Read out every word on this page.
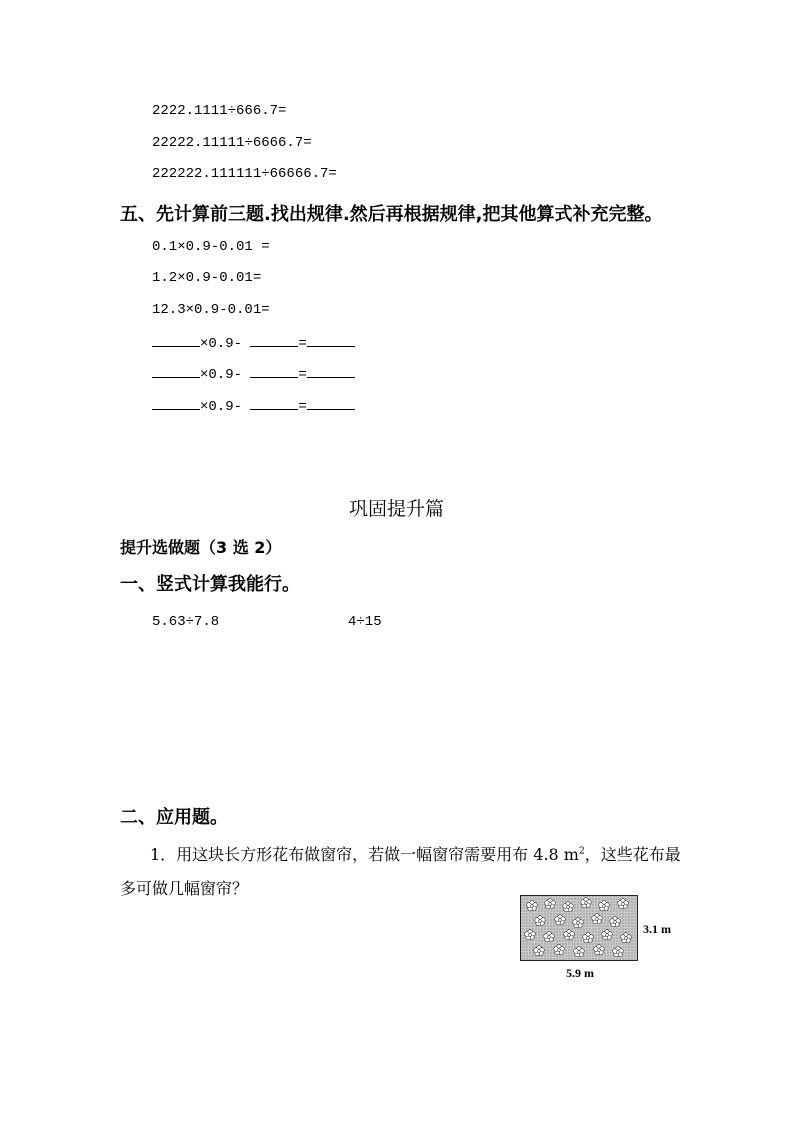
2222.1111÷666.7=
22222.11111÷6666.7=
222222.111111÷66666.7=
五、先计算前三题.找出规律.然后再根据规律,把其他算式补充完整。
0.1×0.9-0.01 =
1.2×0.9-0.01=
12.3×0.9-0.01=
×0.9-	=
×0.9-	=
×0.9-	=
巩固提升篇
提升选做题（3 选 2）
一、竖式计算我能行。
5.63÷7.8	4÷15
二、应用题。
1．用这块长方形花布做窗帘，若做一幅窗帘需要用布 4.8 $m^2$，这些花布最
多可做几幅窗帘？
3.1 m
5.9 m
